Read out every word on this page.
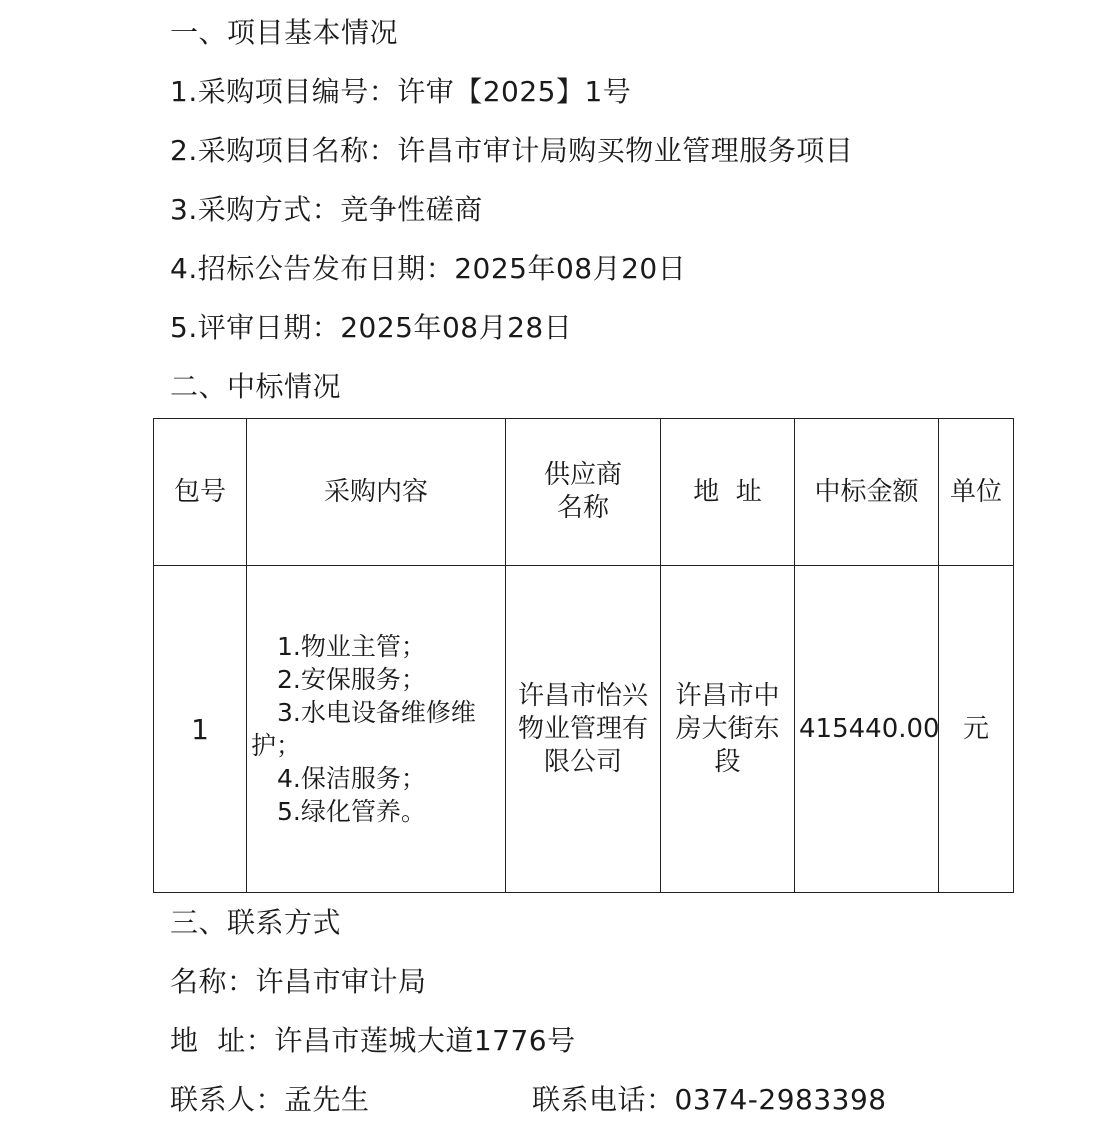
一、项目基本情况
1.采购项目编号：许审【2025】1号
2.采购项目名称：许昌市审计局购买物业管理服务项目
3.采购方式：竞争性磋商
4.招标公告发布日期：2025年08月20日
5.评审日期：2025年08月28日
二、中标情况
包号	采购内容	供应商名称	地  址	中标金额	单位
1	1.物业主管；
2.安保服务；
3.水电设备维修维护；
4.保洁服务；
5.绿化管养。	许昌市怡兴物业管理有限公司	许昌市中房大街东段	415440.00	元
三、联系方式
名称：许昌市审计局
地  址：许昌市莲城大道1776号
联系人：孟先生	联系电话：0374-2983398
